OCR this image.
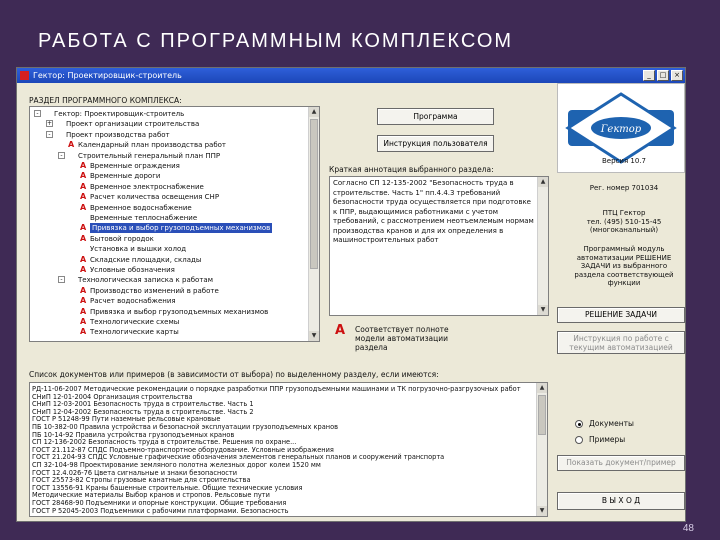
РАБОТА С ПРОГРАММНЫМ КОМПЛЕКСОМ
Гектор: Проектировщик-строитель	_	□	×
РАЗДЕЛ ПРОГРАММНОГО КОМПЛЕКСА:
-	Гектор: Проектировщик-строитель
+ Проект организации строительства
-	Проект производства работ
A Календарный план производства работ
-	Строительный генеральный план ППР
A Временные ограждения
A Временные дороги
A Временное электроснабжение
A Расчет количества освещения СНР
A Временное водоснабжение
Временные теплоснабжение
A Привязка и выбор грузоподъемных механизмов
A Бытовой городок
Установка и вышки холод
A Складские площадки, склады
A Условные обозначения
-	Технологическая записка к работам
A Производство изменений в работе
A Расчет водоснабжения
A Привязка и выбор грузоподъемных механизмов
A Технологические схемы
A Технологические карты
▲
▼
Программа
Инструкция пользователя
Краткая аннотация выбранного раздела:
Согласно СП 12-135-2002 "Безопасность труда в строительстве. Часть 1" пп.4.4.3 требований безопасности труда осуществляется при подготовке к ППР, выдающимися работниками с учетом требований, с рассмотрением неотъемлемым нормам производства кранов и для их определения в машиностроительных работ
▲
▼
A Соответствует полноте модели автоматизации раздела
Гектор
Версия 10.7
Рег. номер 701034
ПТЦ Гектор
тел. (495) 510-15-45
(многоканальный)
Программный модуль автоматизации РЕШЕНИЕ ЗАДАЧИ из выбранного раздела соответствующей функции
РЕШЕНИЕ ЗАДАЧИ
Инструкция по работе с текущим автоматизацией
Список документов или примеров (в зависимости от выбора) по выделенному разделу, если имеются:
РД-11-06-2007 Методические рекомендации о порядке разработки ППР грузоподъемными машинами и ТК погрузочно-разгрузочных работ
СНиП 12-01-2004 Организация строительства
СНиП 12-03-2001 Безопасность труда в строительстве. Часть 1
СНиП 12-04-2002 Безопасность труда в строительстве. Часть 2
ГОСТ Р 51248-99 Пути наземные рельсовые крановые
ПБ 10-382-00 Правила устройства и безопасной эксплуатации грузоподъемных кранов
ПБ 10-14-92 Правила устройства грузоподъемных кранов
СП 12-136-2002 Безопасность труда в строительстве. Решения по охране...
ГОСТ 21.112-87 СПДС Подъемно-транспортное оборудование. Условные изображения
ГОСТ 21.204-93 СПДС Условные графические обозначения элементов генеральных планов и сооружений транспорта
СП 32-104-98 Проектирование земляного полотна железных дорог колеи 1520 мм
ГОСТ 12.4.026-76 Цвета сигнальные и знаки безопасности
ГОСТ 25573-82 Стропы грузовые канатные для строительства
ГОСТ 13556-91 Краны башенные строительные. Общие технические условия
Методические материалы Выбор кранов и стропов. Рельсовые пути
ГОСТ 28468-90 Подъемники и опорные конструкции. Общие требования
ГОСТ Р 52045-2003 Подъемники с рабочими платформами. Безопасность
▲
▼
Документы
Примеры
Показать документ/пример
В Ы Х О Д
48
